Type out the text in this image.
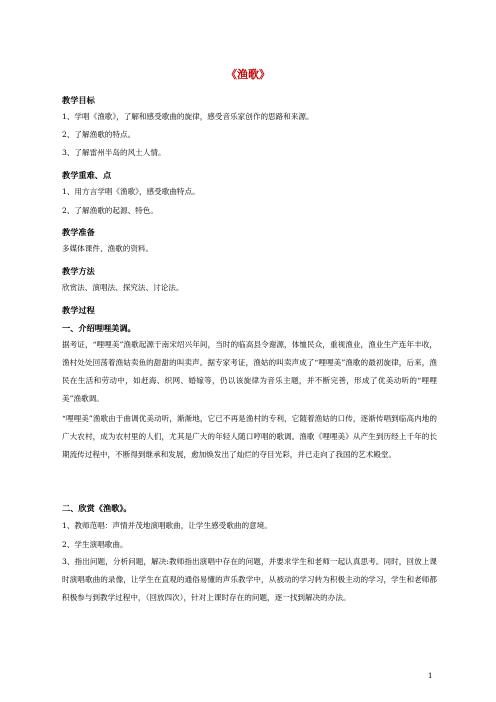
《渔歌》
教学目标
1、学唱《渔歌》，了解和感受歌曲的旋律，感受音乐家创作的思路和来源。
2、了解渔歌的特点。
3、了解雷州半岛的风土人情。
教学重难、点
1、用方言学唱《渔歌》，感受歌曲特点。
2、了解渔歌的起源、特色。
教学准备
多媒体课件、渔歌的资料。
教学方法
欣赏法、演唱法、探究法、讨论法。
教学过程
一、介绍哩哩美调。
据考证，“哩哩美”渔歌起源于南宋绍兴年间，当时的临高县令谢源，体恤民众，重视渔业，渔业生产连年丰收，渔村处处回荡着渔姑卖鱼的甜甜的叫卖声。据专家考证，渔姑的叫卖声成了“哩哩美”渔歌的最初旋律，后来，渔民在生活和劳动中，如赶海、织网、婚嫁等，仍以该旋律为音乐主题，并不断完善，形成了优美动听的“哩哩美”渔歌调。
“哩哩美”渔歌由于曲调优美动听，渐渐地，它已不再是渔村的专利，它随着渔姑的口传，逐渐传唱到临高内地的广大农村，成为农村里的人们，尤其是广大的年轻人随口哼唱的歌调。渔歌《哩哩美》从产生到历经上千年的长期流传过程中，不断得到继承和发展，愈加焕发出了灿烂的夺目光彩，并已走向了我国的艺术殿堂。
二、欣赏《渔歌》。
1、教师范唱：声情并茂地演唱歌曲，让学生感受歌曲的意境。
2、学生演唱歌曲。
3、指出问题，分析问题，解决:教师指出演唱中存在的问题，并要求学生和老师一起认真思考。同时，回放上课时演唱歌曲的录像，让学生在直观的通俗易懂的声乐教学中，从被动的学习转为积极主动的学习，学生和老师都积极参与到教学过程中，（回放四次），针对上课时存在的问题，逐一找到解决的办法。
1
